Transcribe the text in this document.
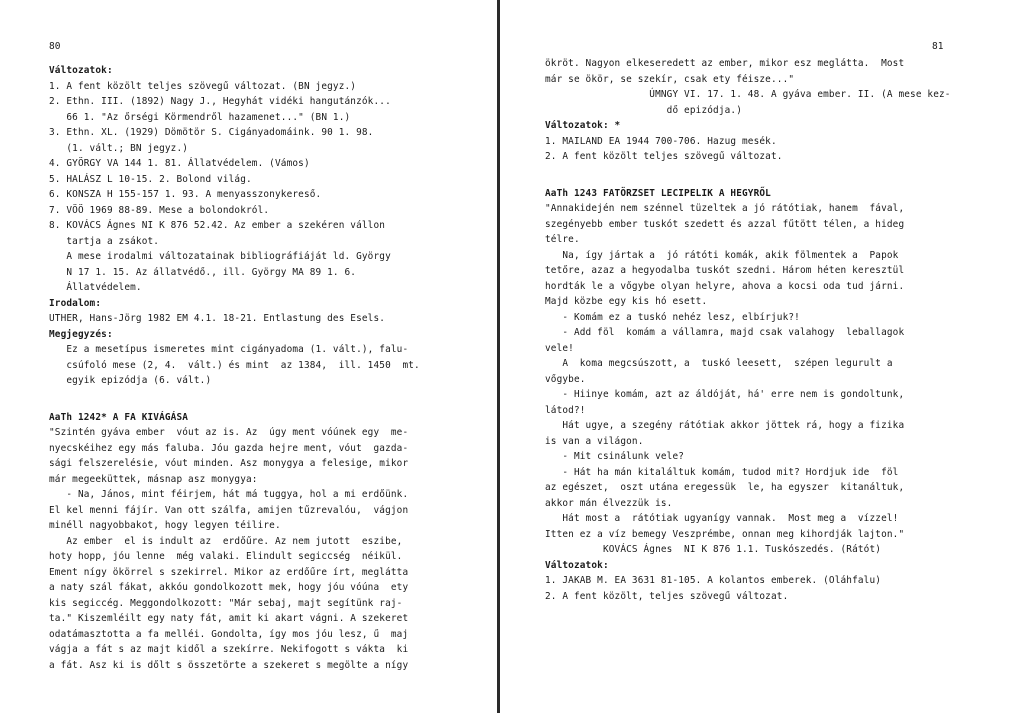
80
Változatok:
1. A fent közölt teljes szövegű változat. (BN jegyz.)
2. Ethn. III. (1892) Nagy J., Hegyhát vidéki hangutánzók...
66 1. "Az őrségi Körmendről hazamenet..." (BN 1.)
3. Ethn. XL. (1929) Dömötör S. Cigányadomáink. 90 1. 98.
(1. vált.; BN jegyz.)
4. GYÖRGY VA 144 1. 81. Állatvédelem. (Vámos)
5. HALÁSZ L 10-15. 2. Bolond világ.
6. KONSZA H 155-157 1. 93. A menyasszonykereső.
7. VÖÖ 1969 88-89. Mese a bolondokról.
8. KOVÁCS Ágnes NI K 876 52.42. Az ember a szekéren vállon
tartja a zsákot.
A mese irodalmi változatainak bibliográfiáját ld. György
N 17 1. 15. Az állatvédő., ill. György MA 89 1. 6.
Állatvédelem.
Irodalom:
UTHER, Hans-Jörg 1982 EM 4.1. 18-21. Entlastung des Esels.
Megjegyzés:
Ez a mesetípus ismeretes mint cigányadoma (1. vált.), falu-
csúfoló mese (2, 4.  vált.) és mint  az 1384,  ill. 1450  mt.
egyik epizódja (6. vált.)
AaTh 1242* A FA KIVÁGÁSA
"Szintén gyáva ember  vóut az is. Az  úgy ment vóúnek egy  me-
nyecskéihez egy más faluba. Jóu gazda hejre ment, vóut  gazda-
sági felszerelésie, vóut minden. Asz monygya a felesige, mikor
már megeeküttek, másnap asz monygya:
- Na, János, mint féirjem, hát má tuggya, hol a mi erdőünk.
El kel menni fájír. Van ott szálfa, amijen tűzrevalóu,  vágjon
minéll nagyobbakot, hogy legyen téilire.
Az ember  el is indult az  erdőűre. Az nem jutott  eszibe,
hoty hopp, jóu lenne  még valaki. Elindult segiccség  néikül.
Ement nígy ökörrel s szekirrel. Mikor az erdőűre írt, meglátta
a naty szál fákat, akkóu gondolkozott mek, hogy jóu vóúna  ety
kis segiccég. Meggondolkozott: "Már sebaj, majt segítünk raj-
ta." Kiszemléilt egy naty fát, amit ki akart vágni. A szekeret
odatámasztotta a fa melléi. Gondolta, így mos jóu lesz, ű  maj
vágja a fát s az majt kidől a szekírre. Nekifogott s vákta  ki
a fát. Asz ki is dőlt s összetörte a szekeret s megölte a nígy
81
ökröt. Nagyon elkeseredett az ember, mikor esz meglátta.  Most
már se ökör, se szekír, csak ety féisze..."
ÚMNGY VI. 17. 1. 48. A gyáva ember. II. (A mese kez-
dő epizódja.)
Változatok: *
1. MAILAND EA 1944 700-706. Hazug mesék.
2. A fent közölt teljes szövegű változat.
AaTh 1243 FATÖRZSET LECIPELIK A HEGYRŐL
"Annakidején nem szénnel tüzeltek a jó rátótiak, hanem  fával,
szegényebb ember tuskót szedett és azzal fűtött télen, a hideg
télre.
Na, így jártak a  jó rátóti komák, akik fölmentek a  Papok
tetőre, azaz a hegyodalba tuskót szedni. Három héten keresztül
hordták le a vőgybe olyan helyre, ahova a kocsi oda tud járni.
Majd közbe egy kis hó esett.
- Komám ez a tuskó nehéz lesz, elbírjuk?!
- Add föl  komám a vállamra, majd csak valahogy  leballagok
vele!
A  koma megcsúszott, a  tuskó leesett,  szépen legurult a
vőgybe.
- Hiinye komám, azt az áldóját, há' erre nem is gondoltunk,
látod?!
Hát ugye, a szegény rátótiak akkor jöttek rá, hogy a fizika
is van a világon.
- Mit csinálunk vele?
- Hát ha mán kitaláltuk komám, tudod mit? Hordjuk ide  föl
az egészet,  oszt utána eregessük  le, ha egyszer  kitanáltuk,
akkor mán élvezzük is.
Hát most a  rátótiak ugyanígy vannak.  Most meg a  vízzel!
Itten ez a víz bemegy Veszprémbe, onnan meg kihordják lajton."
KOVÁCS Ágnes  NI K 876 1.1. Tuskószedés. (Rátót)
Változatok:
1. JAKAB M. EA 3631 81-105. A kolantos emberek. (Oláhfalu)
2. A fent közölt, teljes szövegű változat.
